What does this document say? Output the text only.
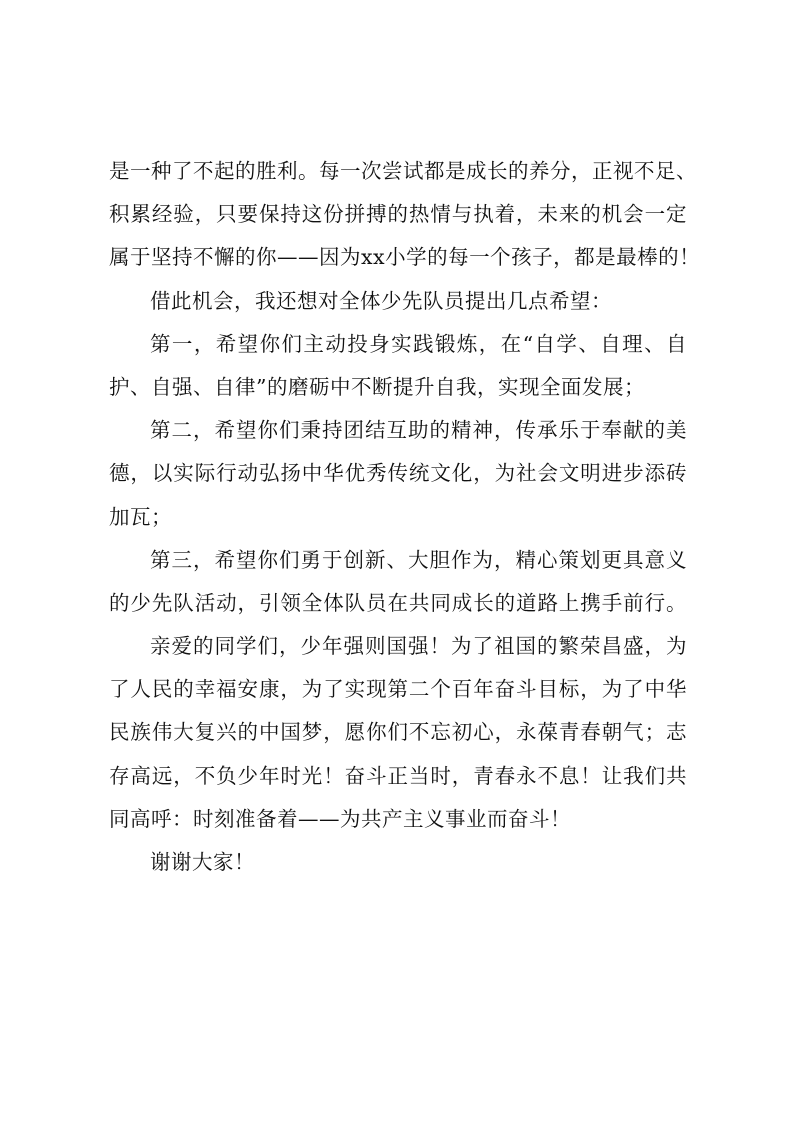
是一种了不起的胜利。每一次尝试都是成长的养分，正视不足、
积累经验，只要保持这份拼搏的热情与执着，未来的机会一定
属于坚持不懈的你——因为xx小学的每一个孩子，都是最棒的！
借此机会，我还想对全体少先队员提出几点希望：
第一，希望你们主动投身实践锻炼，在“自学、自理、自
护、自强、自律”的磨砺中不断提升自我，实现全面发展；
第二，希望你们秉持团结互助的精神，传承乐于奉献的美
德，以实际行动弘扬中华优秀传统文化，为社会文明进步添砖
加瓦；
第三，希望你们勇于创新、大胆作为，精心策划更具意义
的少先队活动，引领全体队员在共同成长的道路上携手前行。
亲爱的同学们，少年强则国强！为了祖国的繁荣昌盛，为
了人民的幸福安康，为了实现第二个百年奋斗目标，为了中华
民族伟大复兴的中国梦，愿你们不忘初心，永葆青春朝气；志
存高远，不负少年时光！奋斗正当时，青春永不息！让我们共
同高呼：时刻准备着——为共产主义事业而奋斗！
谢谢大家！
